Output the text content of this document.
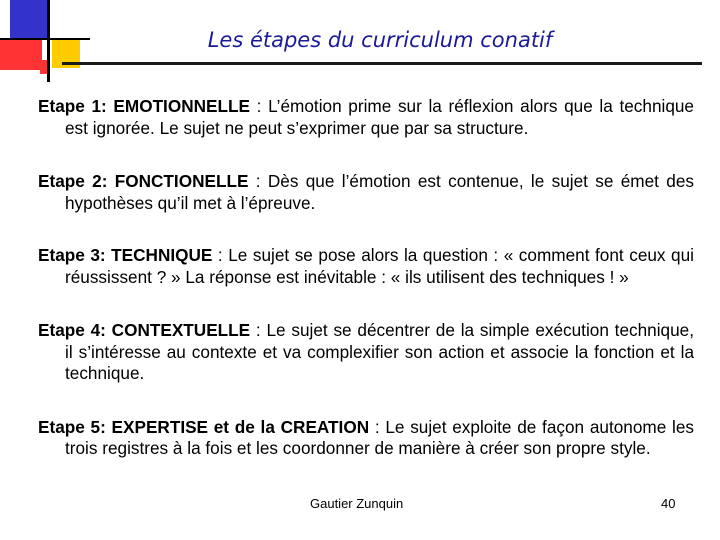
Les étapes du curriculum conatif

Etape 1: EMOTIONNELLE : L’émotion prime sur la réflexion alors que la technique est ignorée. Le sujet ne peut s’exprimer que par sa structure.

Etape 2: FONCTIONELLE : Dès que l’émotion est contenue, le sujet se émet des hypothèses qu’il met à l’épreuve.

Etape 3: TECHNIQUE : Le sujet se pose alors la question : « comment font ceux qui réussissent ? » La réponse est inévitable : « ils utilisent des techniques ! »

Etape 4: CONTEXTUELLE : Le sujet se décentrer de la simple exécution technique, il s’intéresse au contexte et va complexifier son action et associe la fonction et la technique.

Etape 5: EXPERTISE et de la CREATION : Le sujet exploite de façon autonome les trois registres à la fois et les coordonner de manière à créer son propre style.

Gautier Zunquin	40
